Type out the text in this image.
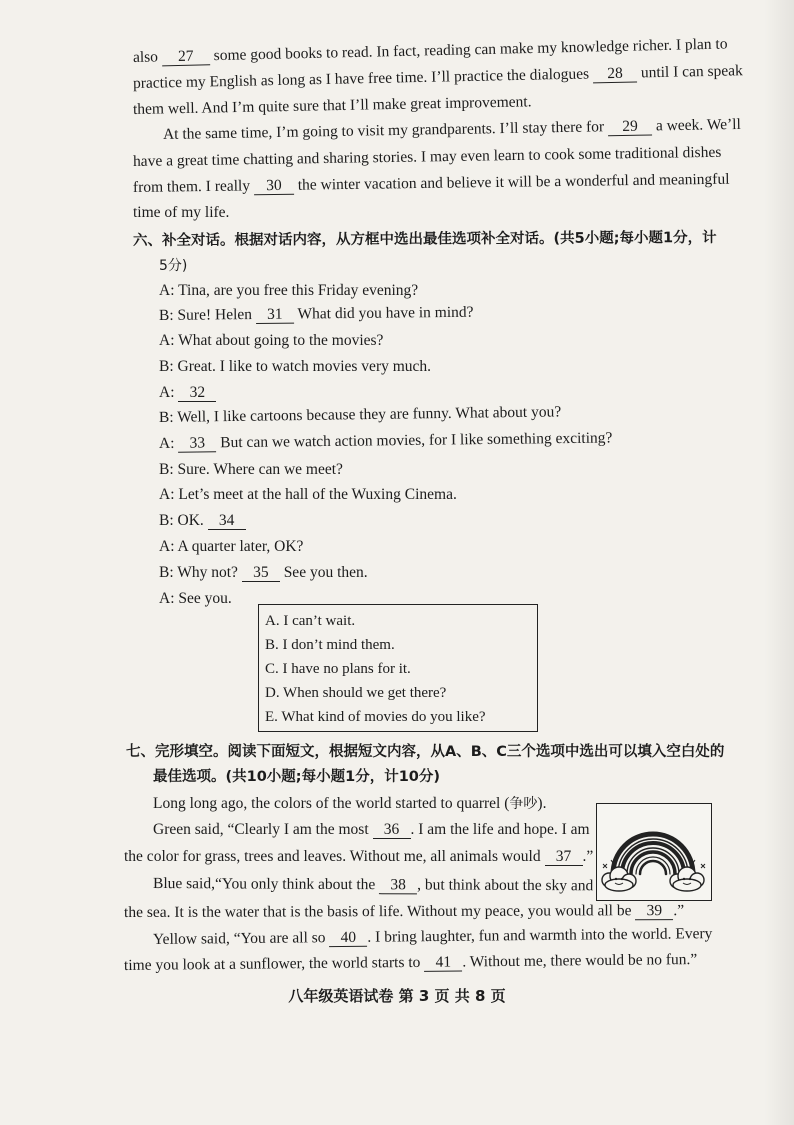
also 27 some good books to read. In fact, reading can make my knowledge richer. I plan to
practice my English as long as I have free time. I’ll practice the dialogues 28 until I can speak
them well. And I’m quite sure that I’ll make great improvement.
At the same time, I’m going to visit my grandparents. I’ll stay there for 29 a week. We’ll
have a great time chatting and sharing stories. I may even learn to cook some traditional dishes
from them. I really 30 the winter vacation and believe it will be a wonderful and meaningful
time of my life.
六、补全对话。根据对话内容，从方框中选出最佳选项补全对话。(共5小题;每小题1分，计
5分)
A: Tina, are you free this Friday evening?
B: Sure! Helen 31 What did you have in mind?
A: What about going to the movies?
B: Great. I like to watch movies very much.
A: 32
B: Well, I like cartoons because they are funny. What about you?
A: 33 But can we watch action movies, for I like something exciting?
B: Sure. Where can we meet?
A: Let’s meet at the hall of the Wuxing Cinema.
B: OK. 34
A: A quarter later, OK?
B: Why not? 35 See you then.
A: See you.
A. I can’t wait.
B. I don’t mind them.
C. I have no plans for it.
D. When should we get there?
E. What kind of movies do you like?
七、完形填空。阅读下面短文，根据短文内容，从A、B、C三个选项中选出可以填入空白处的
最佳选项。(共10小题;每小题1分，计10分)
Long long ago, the colors of the world started to quarrel (争吵).
Green said, “Clearly I am the most 36 . I am the life and hope. I am
the color for grass, trees and leaves. Without me, all animals would 37 .”
Blue said,“You only think about the 38 , but think about the sky and
the sea. It is the water that is the basis of life. Without my peace, you would all be 39 .”
Yellow said, “You are all so 40 . I bring laughter, fun and warmth into the world. Every
time you look at a sunflower, the world starts to 41 . Without me, there would be no fun.”
八年级英语试卷 第 3 页 共 8 页
